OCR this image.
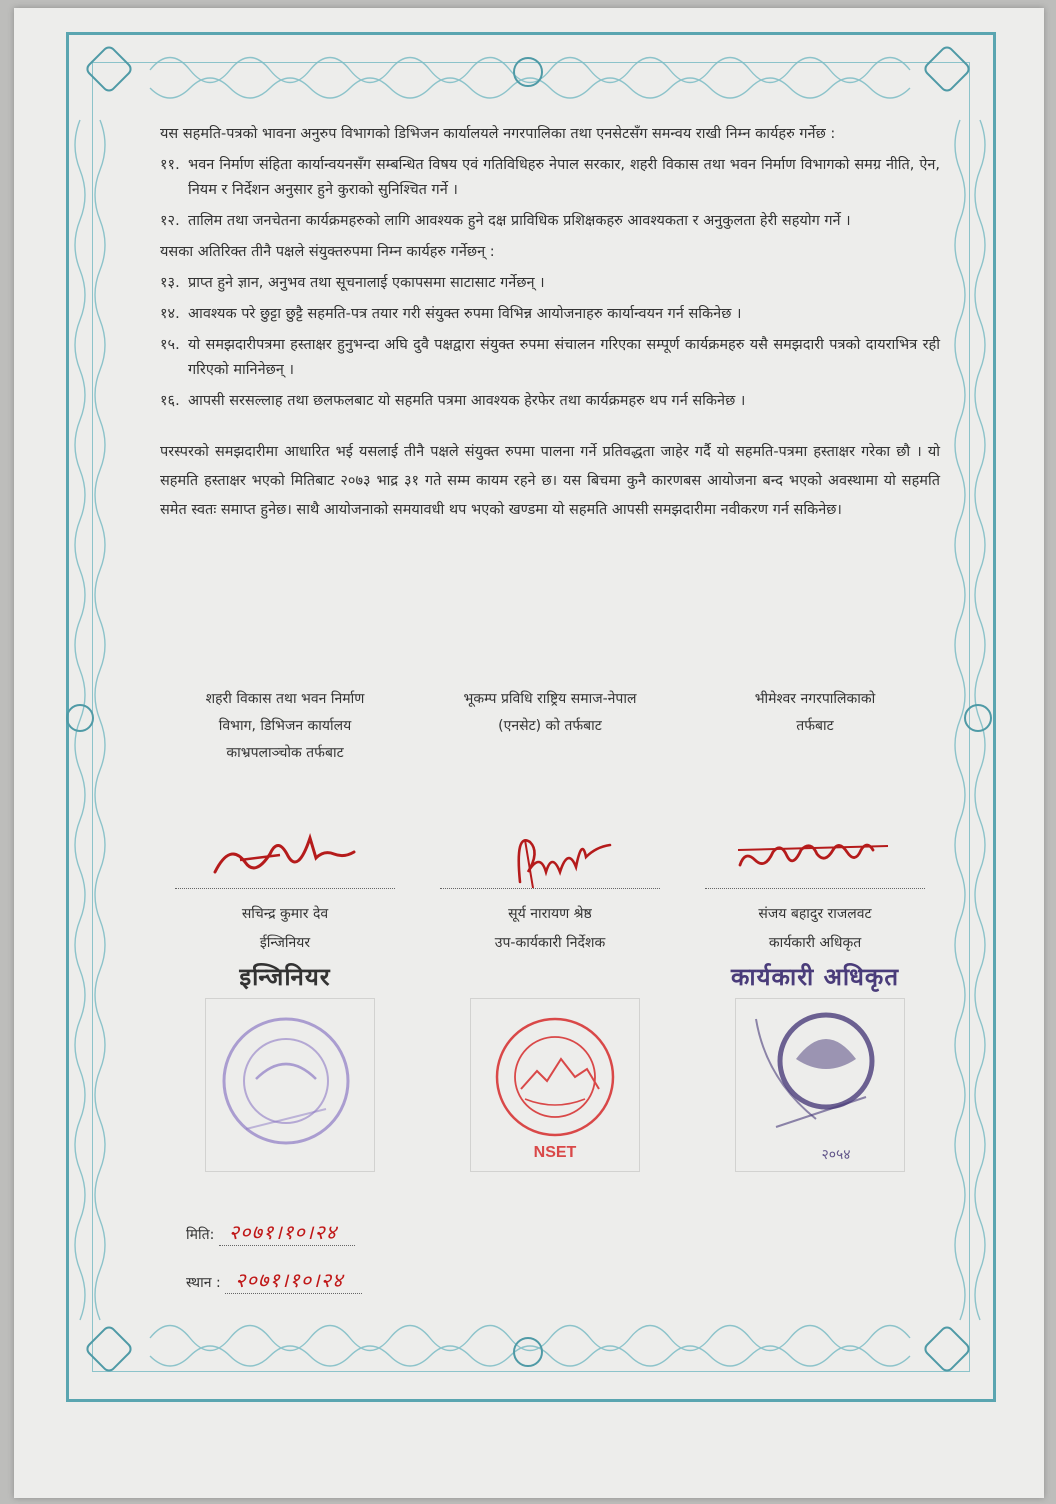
यस सहमति-पत्रको भावना अनुरुप विभागको डिभिजन कार्यालयले नगरपालिका तथा एनसेटसँग समन्वय राखी निम्न कार्यहरु गर्नेछ :

११. भवन निर्माण संहिता कार्यान्वयनसँग सम्बन्धित विषय एवं गतिविधिहरु नेपाल सरकार, शहरी विकास तथा भवन निर्माण विभागको समग्र नीति, ऐन, नियम र निर्देशन अनुसार हुने कुराको सुनिश्चित गर्ने ।
१२. तालिम तथा जनचेतना कार्यक्रमहरुको लागि आवश्यक हुने दक्ष प्राविधिक प्रशिक्षकहरु आवश्यकता र अनुकुलता हेरी सहयोग गर्ने ।

यसका अतिरिक्त तीनै पक्षले संयुक्तरुपमा निम्न कार्यहरु गर्नेछन् :

१३. प्राप्त हुने ज्ञान, अनुभव तथा सूचनालाई एकापसमा साटासाट गर्नेछन् ।
१४. आवश्यक परे छुट्टा छुट्टै सहमति-पत्र तयार गरी संयुक्त रुपमा विभिन्न आयोजनाहरु कार्यान्वयन गर्न सकिनेछ ।
१५. यो समझदारीपत्रमा हस्ताक्षर हुनुभन्दा अघि दुवै पक्षद्वारा संयुक्त रुपमा संचालन गरिएका सम्पूर्ण कार्यक्रमहरु यसै समझदारी पत्रको दायराभित्र रही गरिएको मानिनेछन् ।
१६. आपसी सरसल्लाह तथा छलफलबाट यो सहमति पत्रमा आवश्यक हेरफेर तथा कार्यक्रमहरु थप गर्न सकिनेछ ।

परस्परको समझदारीमा आधारित भई यसलाई तीनै पक्षले संयुक्त रुपमा पालना गर्ने प्रतिवद्धता जाहेर गर्दै यो सहमति-पत्रमा हस्ताक्षर गरेका छौ । यो सहमति हस्ताक्षर भएको मितिबाट २०७३ भाद्र ३१ गते सम्म कायम रहने छ। यस बिचमा कुनै कारणबस आयोजना बन्द भएको अवस्थामा यो सहमति समेत स्वतः समाप्त हुनेछ। साथै आयोजनाको समयावधी थप भएको खण्डमा यो सहमति आपसी समझदारीमा नवीकरण गर्न सकिनेछ।

शहरी विकास तथा भवन निर्माण
विभाग, डिभिजन कार्यालय
काभ्रपलाञ्चोक तर्फबाट
भूकम्प प्रविधि राष्ट्रिय समाज-नेपाल
(एनसेट) को तर्फबाट
भीमेश्वर नगरपालिकाको
तर्फबाट
सचिन्द्र कुमार देव
ईन्जिनियर
इन्जिनियर
सूर्य नारायण श्रेष्ठ
उप-कार्यकारी निर्देशक
NSET
संजय बहादुर राजलवट
कार्यकारी अधिकृत
कार्यकारी अधिकृत
२०५४
मिति: २०७१।१०।२४
स्थान : २०७१।१०।२४
